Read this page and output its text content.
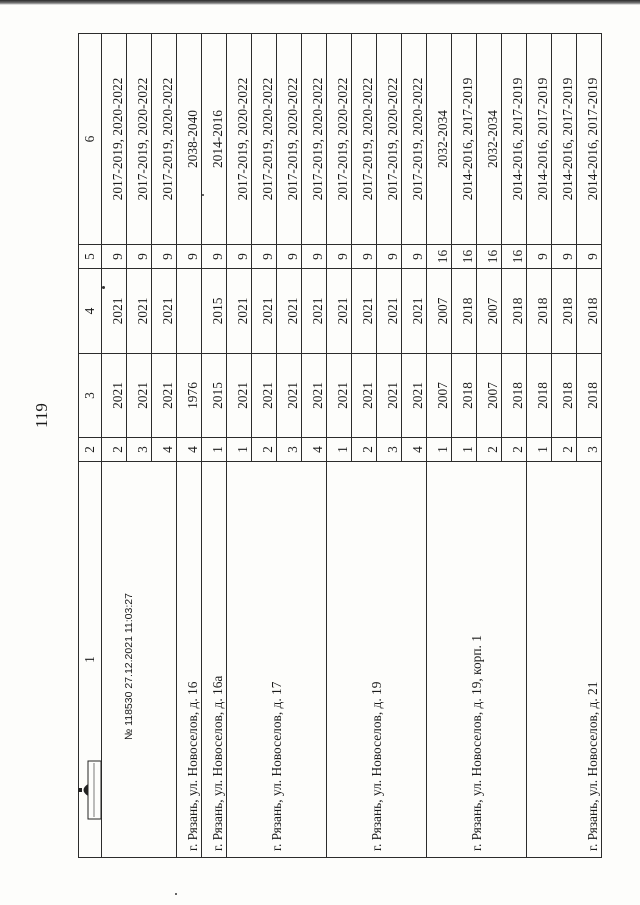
119
1	2	3	4	5	6
	2	2021	2021	9	2017-2019, 2020-2022
	3	2021	2021	9	2017-2019, 2020-2022
	4	2021	2021	9	2017-2019, 2020-2022
г. Рязань, ул. Новоселов, д. 16	4	1976		9	2038-2040
г. Рязань, ул. Новоселов, д. 16а	1	2015	2015	9	2014-2016
г. Рязань, ул. Новоселов, д. 17	1	2021	2021	9	2017-2019, 2020-2022
	2	2021	2021	9	2017-2019, 2020-2022
	3	2021	2021	9	2017-2019, 2020-2022
	4	2021	2021	9	2017-2019, 2020-2022
г. Рязань, ул. Новоселов, д. 19	1	2021	2021	9	2017-2019, 2020-2022
	2	2021	2021	9	2017-2019, 2020-2022
	3	2021	2021	9	2017-2019, 2020-2022
	4	2021	2021	9	2017-2019, 2020-2022
г. Рязань, ул. Новоселов, д. 19, корп. 1	1	2007	2007	16	2032-2034
	1	2018	2018	16	2014-2016, 2017-2019
	2	2007	2007	16	2032-2034
	2	2018	2018	16	2014-2016, 2017-2019
г. Рязань, ул. Новоселов, д. 21	1	2018	2018	9	2014-2016, 2017-2019
	2	2018	2018	9	2014-2016, 2017-2019
	3	2018	2018	9	2014-2016, 2017-2019
№ 118530 27.12.2021 11:03:27
